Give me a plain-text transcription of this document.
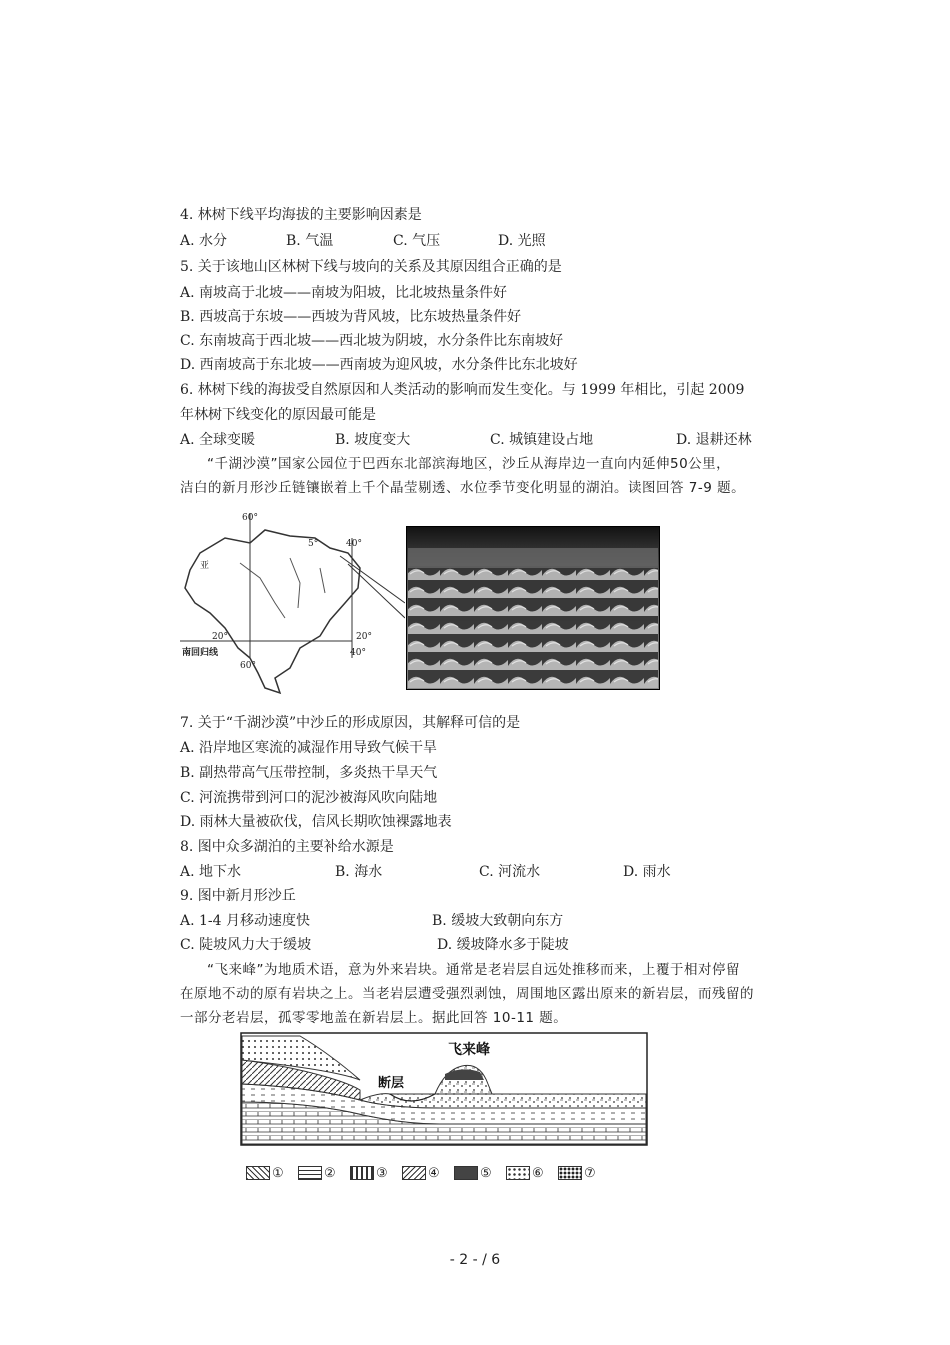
4. 林树下线平均海拔的主要影响因素是
A. 水分	B. 气温	C. 气压	D. 光照
5. 关于该地山区林树下线与坡向的关系及其原因组合正确的是
A. 南坡高于北坡——南坡为阳坡，比北坡热量条件好
B. 西坡高于东坡——西坡为背风坡，比东坡热量条件好
C. 东南坡高于西北坡——西北坡为阴坡，水分条件比东南坡好
D. 西南坡高于东北坡——西南坡为迎风坡，水分条件比东北坡好
6. 林树下线的海拔受自然原因和人类活动的影响而发生变化。与 1999 年相比，引起 2009
年林树下线变化的原因最可能是
A. 全球变暖	B. 坡度变大	C. 城镇建设占地	D. 退耕还林
“千湖沙漠”国家公园位于巴西东北部滨海地区，沙丘从海岸边一直向内延伸50公里，
洁白的新月形沙丘链镶嵌着上千个晶莹剔透、水位季节变化明显的湖泊。读图回答 7-9 题。
60°
5°	40°
亚
20°	20°
南回归线	40°
60°
7. 关于“千湖沙漠”中沙丘的形成原因，其解释可信的是
A. 沿岸地区寒流的减湿作用导致气候干旱
B. 副热带高气压带控制，多炎热干旱天气
C. 河流携带到河口的泥沙被海风吹向陆地
D. 雨林大量被砍伐，信风长期吹蚀裸露地表
8. 图中众多湖泊的主要补给水源是
A. 地下水	B. 海水	C. 河流水	D. 雨水
9. 图中新月形沙丘
A. 1-4 月移动速度快	B. 缓坡大致朝向东方
C. 陡坡风力大于缓坡	D. 缓坡降水多于陡坡
“飞来峰”为地质术语，意为外来岩块。通常是老岩层自远处推移而来，上覆于相对停留
在原地不动的原有岩块之上。当老岩层遭受强烈剥蚀，周围地区露出原来的新岩层，而残留的
一部分老岩层，孤零零地盖在新岩层上。据此回答 10-11 题。
飞来峰
断层
①	②	③	④	⑤	⑥	⑦
- 2 - / 6
